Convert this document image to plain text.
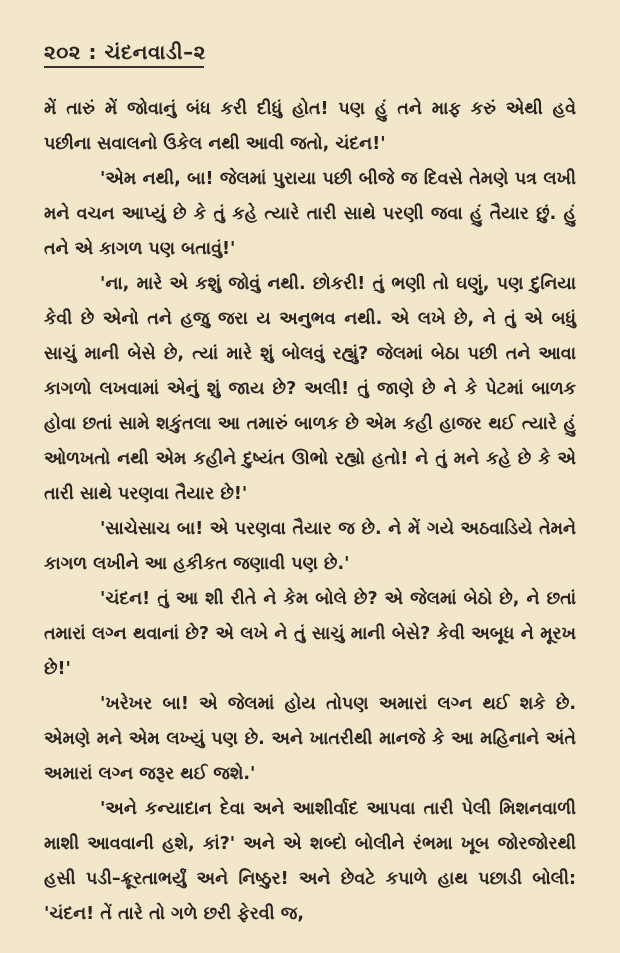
૨૦૨ : ચંદનવાડી–૨

મેં તારું મેં જોવાનું બંધ કરી દીધું હોત! પણ હું તને માફ કરું એથી હવે પછીના સવાલનો ઉકેલ નથી આવી જતો, ચંદન!'

'એમ નથી, બા! જેલમાં પુરાયા પછી બીજે જ દિવસે તેમણે પત્ર લખી મને વચન આપ્યું છે કે તું કહે ત્યારે તારી સાથે પરણી જવા હું તૈયાર છું. હું તને એ કાગળ પણ બતાવું!'

'ના, મારે એ કશું જોવું નથી. છોકરી! તું ભણી તો ઘણું, પણ દુનિયા કેવી છે એનો તને હજુ જરા ય અનુભવ નથી. એ લખે છે, ને તું એ બધું સાચું માની બેસે છે, ત્યાં મારે શું બોલવું રહ્યું? જેલમાં બેઠા પછી તને આવા કાગળો લખવામાં એનું શું જાય છે? અલી! તું જાણે છે ને કે પેટમાં બાળક હોવા છતાં સામે શકુંતલા આ તમારું બાળક છે એમ કહી હાજર થઈ ત્યારે હું ઓળખતો નથી એમ કહીને દુષ્યંત ઊભો રહ્યો હતો! ને તું મને કહે છે કે એ તારી સાથે પરણવા તૈયાર છે!'

'સાચેસાચ બા! એ પરણવા તૈયાર જ છે. ને મેં ગયે અઠવાડિયે તેમને કાગળ લખીને આ હકીકત જણાવી પણ છે.'

'ચંદન! તું આ શી રીતે ને કેમ બોલે છે? એ જેલમાં બેઠો છે, ને છતાં તમારાં લગ્ન થવાનાં છે? એ લખે ને તું સાચું માની બેસે? કેવી અબૂધ ને મૂરખ છે!'

'ખરેખર બા! એ જેલમાં હોય તોપણ અમારાં લગ્ન થઈ શકે છે. એમણે મને એમ લખ્યું પણ છે. અને ખાતરીથી માનજે કે આ મહિનાને અંતે અમારાં લગ્ન જરૂર થઈ જશે.'

'અને કન્યાદાન દેવા અને આશીર્વાદ આપવા તારી પેલી મિશનવાળી માશી આવવાની હશે, કાં?' અને એ શબ્દો બોલીને રંભમા ખૂબ જોરજોરથી હસી પડી–ક્રૂરતાભર્યું અને નિષ્ઠુર! અને છેવટે કપાળે હાથ પછાડી બોલી: 'ચંદન! તેં તારે તો ગળે છરી ફેરવી જ,
